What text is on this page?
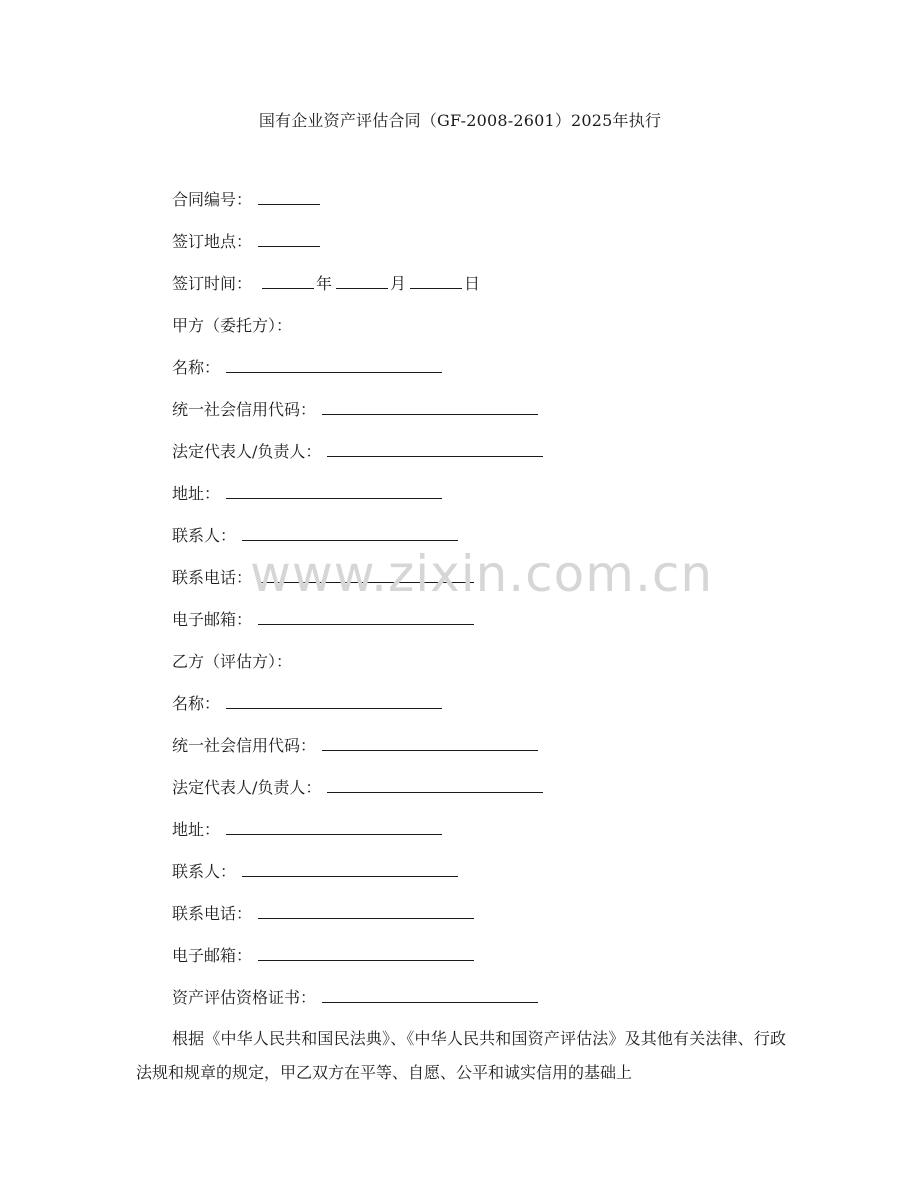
国有企业资产评估合同（GF-2008-2601）2025年执行
合同编号：
签订地点：
签订时间：	年	月	日
甲方（委托方）：
名称：
统一社会信用代码：
法定代表人/负责人：
地址：
联系人：
联系电话：
电子邮箱：
乙方（评估方）：
名称：
统一社会信用代码：
法定代表人/负责人：
地址：
联系人：
联系电话：
电子邮箱：
资产评估资格证书：
根据《中华人民共和国民法典》、《中华人民共和国资产评估法》及其他有关法律、行政法规和规章的规定，甲乙双方在平等、自愿、公平和诚实信用的基础上
www.zixin.com.cn
